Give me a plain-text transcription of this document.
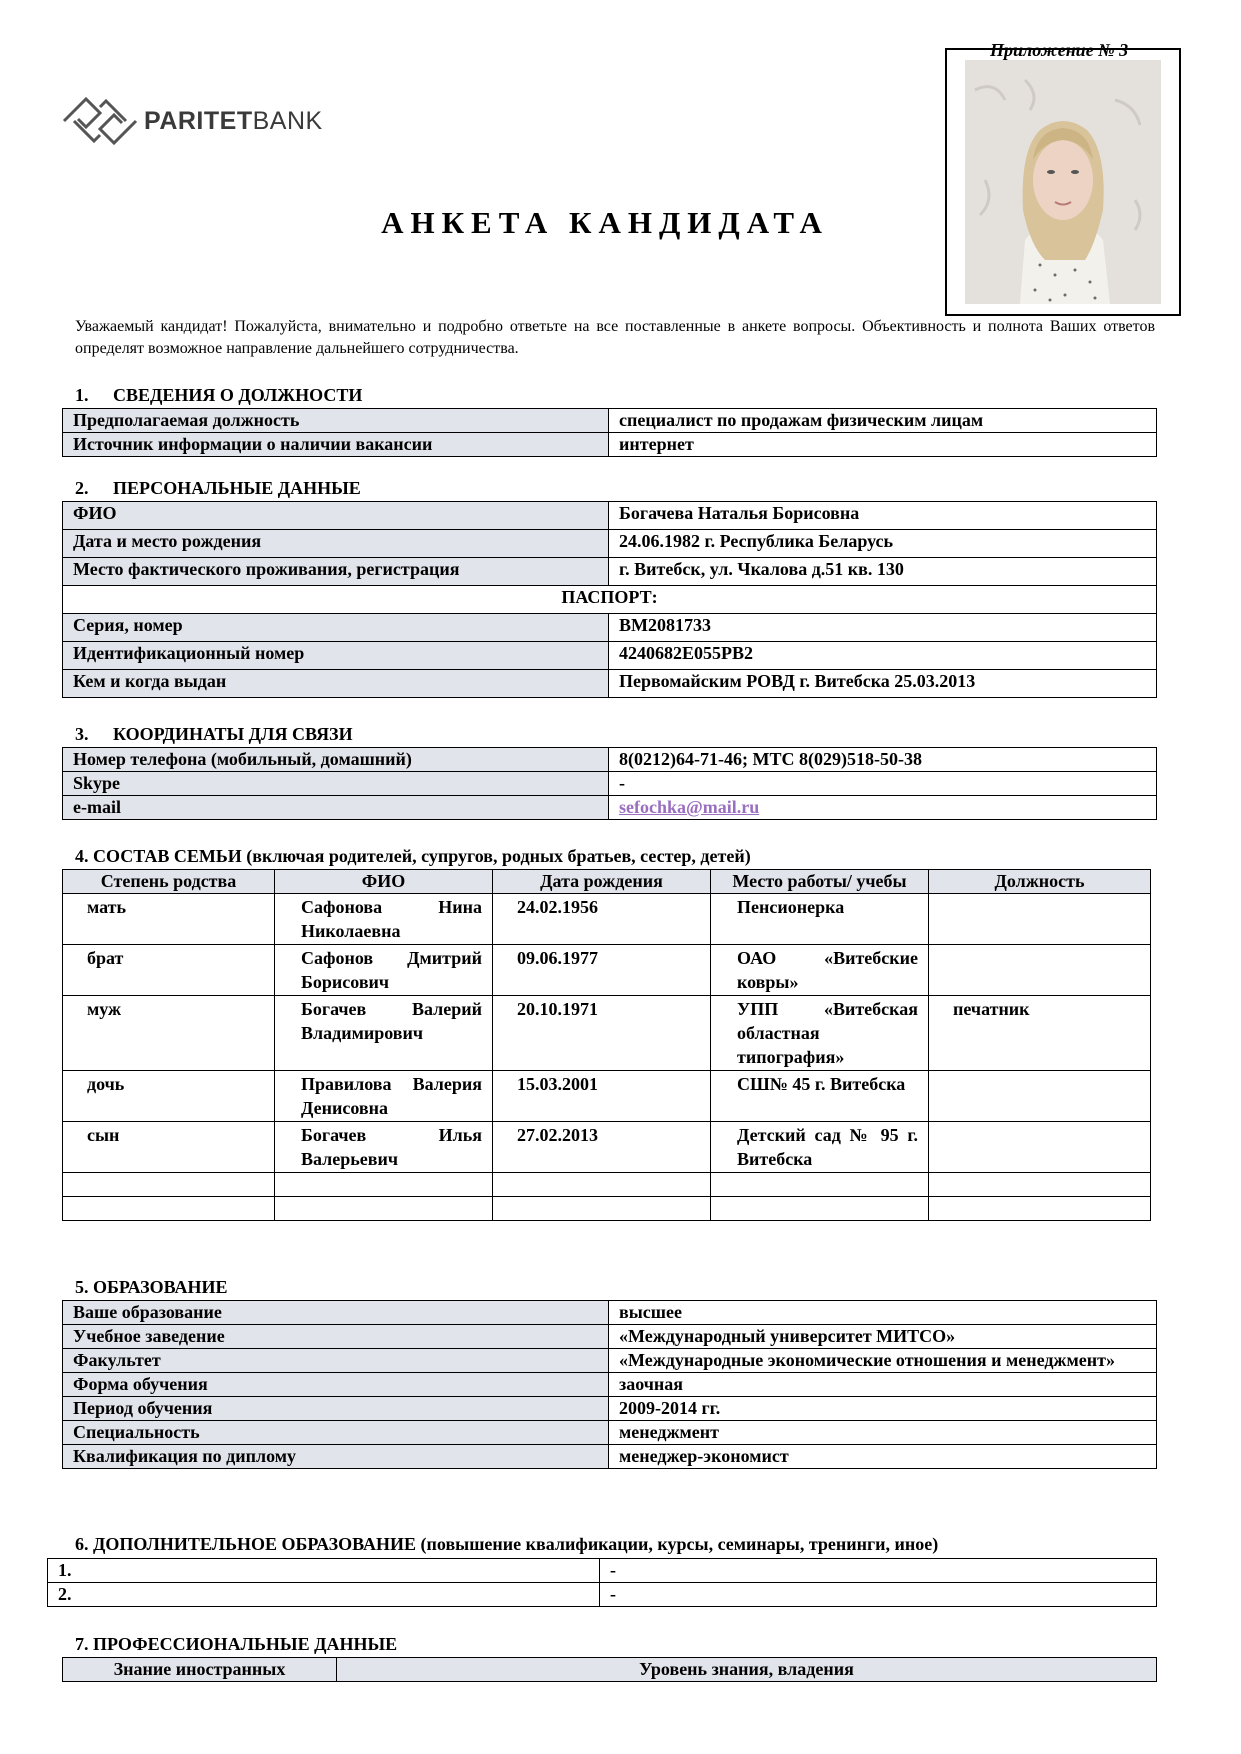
Приложение № 3
PARITETBANK
АНКЕТА КАНДИДАТА
Уважаемый кандидат! Пожалуйста, внимательно и подробно ответьте на все поставленные в анкете вопросы. Объективность и полнота Ваших ответов определят возможное направление дальнейшего сотрудничества.
1. СВЕДЕНИЯ О ДОЛЖНОСТИ
Предполагаемая должность	специалист по продажам физическим лицам
Источник информации о наличии вакансии	интернет
2. ПЕРСОНАЛЬНЫЕ ДАННЫЕ
ФИО	Богачева Наталья Борисовна
Дата и место рождения	24.06.1982 г. Республика Беларусь
Место фактического проживания, регистрация	г. Витебск, ул. Чкалова д.51 кв. 130
ПАСПОРТ:	
Серия, номер	ВМ2081733
Идентификационный номер	4240682E055PB2
Кем и когда выдан	Первомайским РОВД г. Витебска 25.03.2013
3. КООРДИНАТЫ ДЛЯ СВЯЗИ
Номер телефона (мобильный, домашний)	8(0212)64-71-46; МТС 8(029)518-50-38
Skype	-
e-mail	sefochka@mail.ru
4. СОСТАВ СЕМЬИ (включая родителей, супругов, родных братьев, сестер, детей)
Степень родства	ФИО	Дата рождения	Место работы/ учебы	Должность
мать	Сафонова Нина Николаевна	24.02.1956	Пенсионерка	
брат	Сафонов Дмитрий Борисович	09.06.1977	ОАО «Витебские ковры»	
муж	Богачев Валерий Владимирович	20.10.1971	УПП «Витебская областная типография»	печатник
дочь	Правилова Валерия Денисовна	15.03.2001	СШ№ 45 г. Витебска	
сын	Богачев Илья Валерьевич	27.02.2013	Детский сад № 95 г. Витебска	

5. ОБРАЗОВАНИЕ
Ваше образование	высшее
Учебное заведение	«Международный университет МИТСО»
Факультет	«Международные экономические отношения и менеджмент»
Форма обучения	заочная
Период обучения	2009-2014 гг.
Специальность	менеджмент
Квалификация по диплому	менеджер-экономист
6. ДОПОЛНИТЕЛЬНОЕ ОБРАЗОВАНИЕ (повышение квалификации, курсы, семинары, тренинги, иное)
1.	-
2.	-
7. ПРОФЕССИОНАЛЬНЫЕ ДАННЫЕ
Знание иностранных	Уровень знания, владения
